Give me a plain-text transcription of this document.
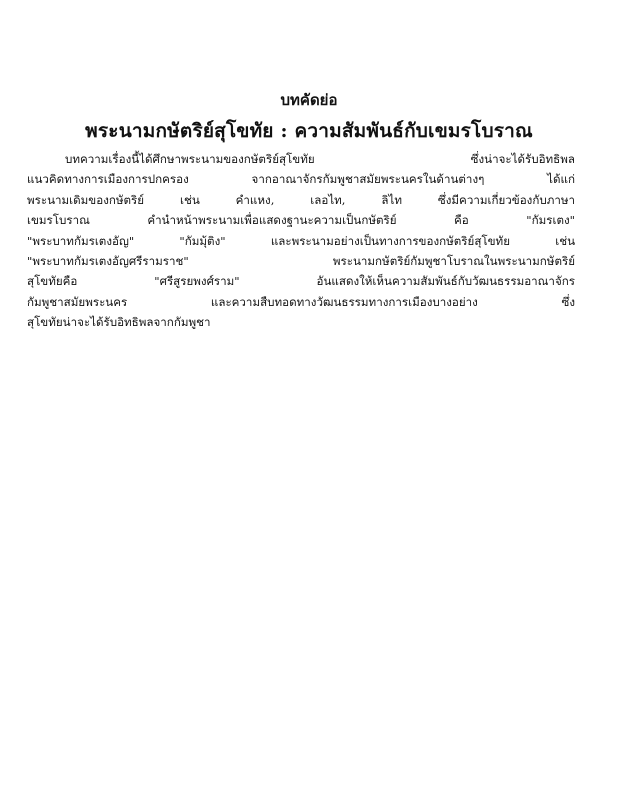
บทคัดย่อ
พระนามกษัตริย์สุโขทัย : ความสัมพันธ์กับเขมรโบราณ
บทความเรื่องนี้ได้ศึกษาพระนามของกษัตริย์สุโขทัย ซึ่งน่าจะได้รับอิทธิพล
แนวคิดทางการเมืองการปกครอง จากอาณาจักรกัมพูชาสมัยพระนครในด้านต่างๆ ได้แก่
พระนามเดิมของกษัตริย์ เช่น คำแหง, เลอไท, ลิไท ซึ่งมีความเกี่ยวข้องกับภาษา
เขมรโบราณ คำนำหน้าพระนามเพื่อแสดงฐานะความเป็นกษัตริย์ คือ "กัมรเตง"
"พระบาทกัมรเตงอัญ" "กัมมุ้ติง" และพระนามอย่างเป็นทางการของกษัตริย์สุโขทัย เช่น
"พระบาทกัมรเตงอัญศรีรามราช" พระนามกษัตริย์กัมพูชาโบราณในพระนามกษัตริย์
สุโขทัยคือ "ศรีสูรยพงศ์ราม" อันแสดงให้เห็นความสัมพันธ์กับวัฒนธรรมอาณาจักร
กัมพูชาสมัยพระนคร และความสืบทอดทางวัฒนธรรมทางการเมืองบางอย่าง ซึ่ง
สุโขทัยน่าจะได้รับอิทธิพลจากกัมพูชา
